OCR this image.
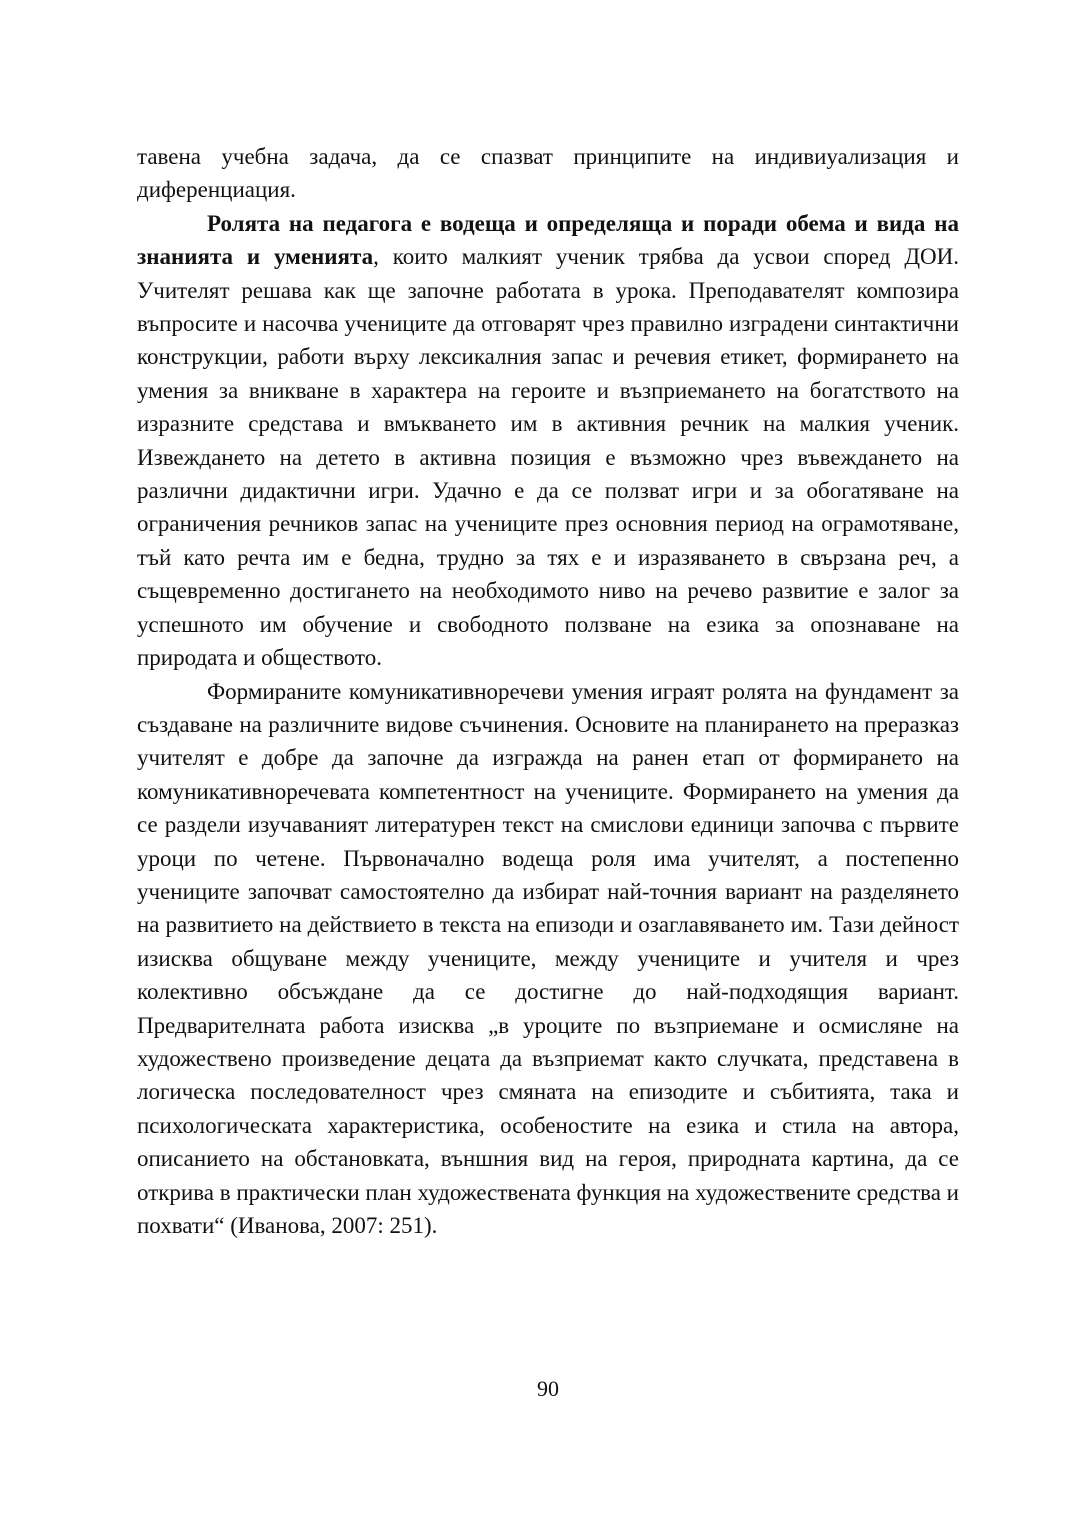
тавена учебна задача, да се спазват принципите на индивиуализация и диференциация.

Ролята на педагога е водеща и определяща и поради обема и вида на знанията и уменията, които малкият ученик трябва да усвои според ДОИ. Учителят решава как ще започне работата в урока. Преподавателят композира въпросите и насочва учениците да отговарят чрез правилно изградени синтактични конструкции, работи върху лексикалния запас и речевия етикет, формирането на умения за вникване в характера на героите и възприемането на богатството на изразните средстава и вмъкването им в активния речник на малкия ученик. Извеждането на детето в активна позиция е възможно чрез въвеждането на различни дидактични игри. Удачно е да се ползват игри и за обогатяване на ограничения речников запас на учениците през основния период на ограмотяване, тъй като речта им е бедна, трудно за тях е и изразяването в свързана реч, а същевременно достигането на необходимото ниво на речево развитие е залог за успешното им обучение и свободното ползване на езика за опознаване на природата и обществото.

Формираните комуникативноречеви умения играят ролята на фундамент за създаване на различните видове съчинения. Основите на планирането на преразказ учителят е добре да започне да изгражда на ранен етап от формирането на комуникативноречевата компетентност на учениците. Формирането на умения да се раздели изучаваният литературен текст на смислови единици започва с първите уроци по четене. Първоначално водеща роля има учителят, а постепенно учениците започват самостоятелно да избират най-точния вариант на разделянето на развитието на действието в текста на епизоди и озаглавяването им. Тази дейност изисква общуване между учениците, между учениците и учителя и чрез колективно обсъждане да се достигне до най-подходящия вариант. Предварителната работа изисква „в уроците по възприемане и осмисляне на художествено произведение децата да възприемат както случката, представена в логическа последователност чрез смяната на епизодите и събитията, така и психологическата характеристика, особеностите на езика и стила на автора, описанието на обстановката, външния вид на героя, природната картина, да се открива в практически план художествената функция на художествените средства и похвати“ (Иванова, 2007: 251).

90
